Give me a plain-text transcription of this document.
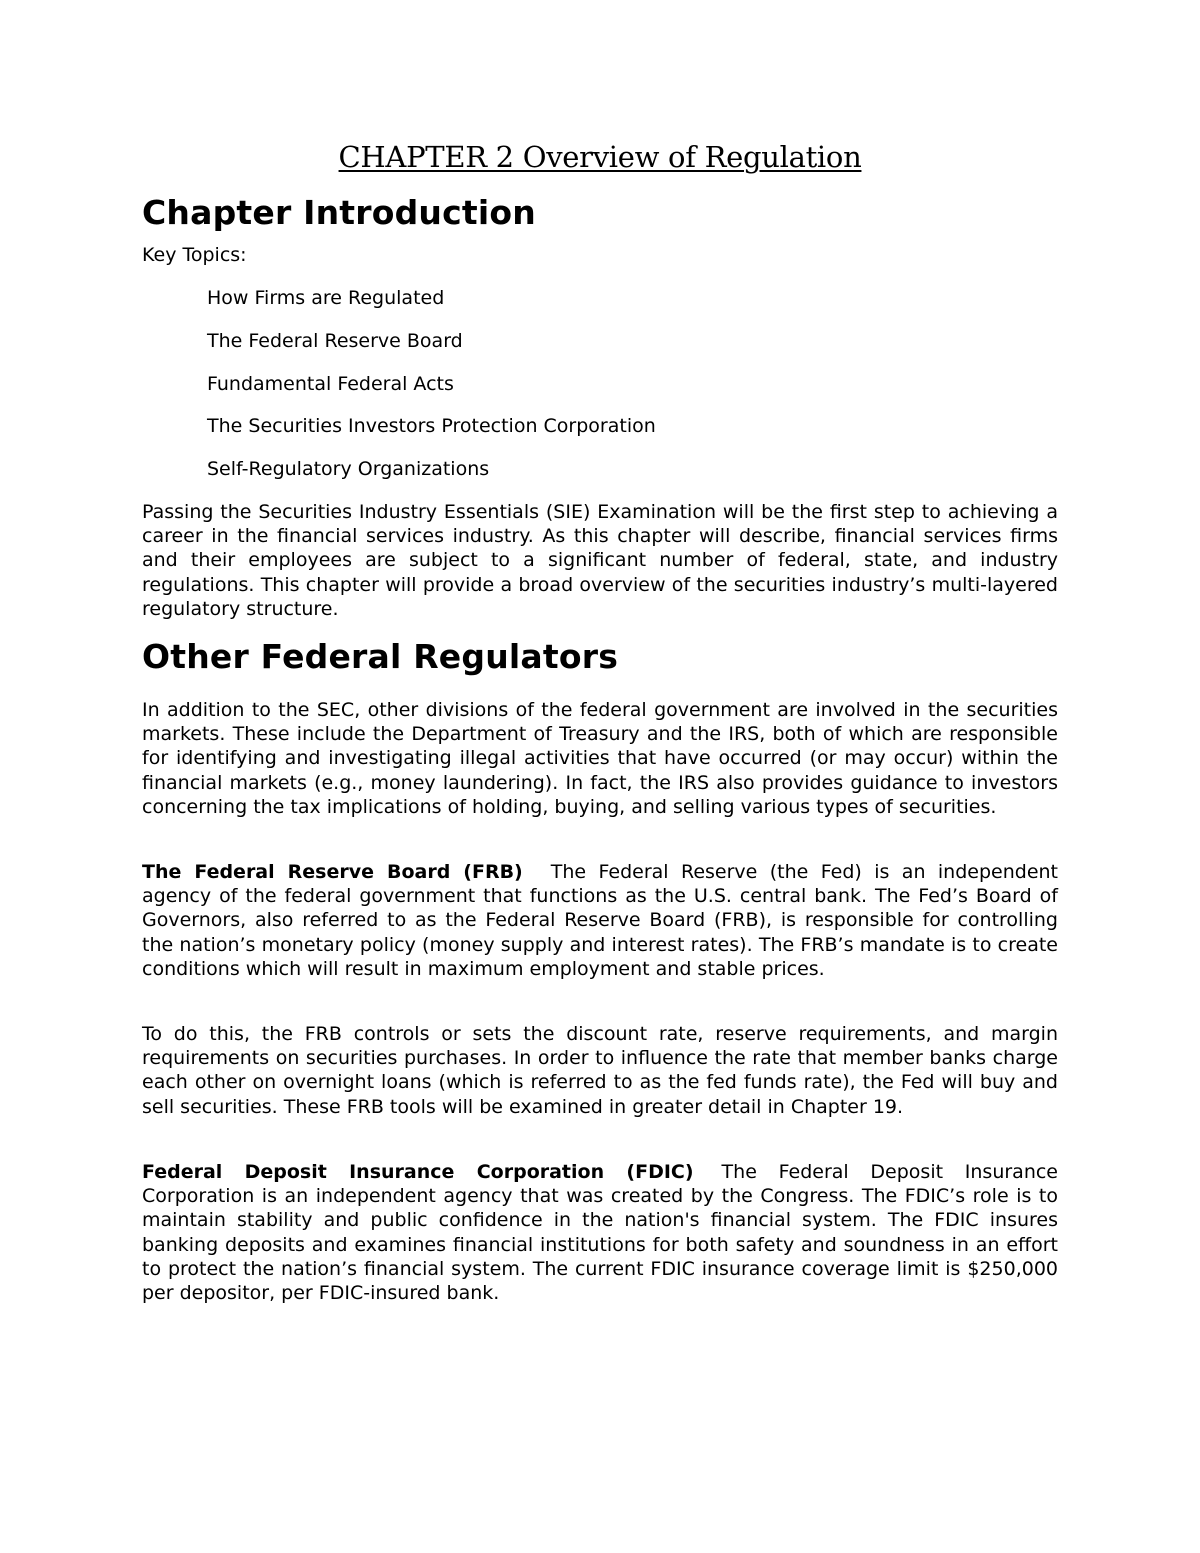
CHAPTER 2 Overview of Regulation
Chapter Introduction

Key Topics:

How Firms are Regulated
The Federal Reserve Board
Fundamental Federal Acts
The Securities Investors Protection Corporation
Self-Regulatory Organizations

Passing the Securities Industry Essentials (SIE) Examination will be the first step to achieving a career in the financial services industry. As this chapter will describe, financial services firms and their employees are subject to a significant number of federal, state, and industry regulations. This chapter will provide a broad overview of the securities industry’s multi-layered regulatory structure.

Other Federal Regulators

In addition to the SEC, other divisions of the federal government are involved in the securities markets. These include the Department of Treasury and the IRS, both of which are responsible for identifying and investigating illegal activities that have occurred (or may occur) within the financial markets (e.g., money laundering). In fact, the IRS also provides guidance to investors concerning the tax implications of holding, buying, and selling various types of securities.

The Federal Reserve Board (FRB) The Federal Reserve (the Fed) is an independent agency of the federal government that functions as the U.S. central bank. The Fed’s Board of Governors, also referred to as the Federal Reserve Board (FRB), is responsible for controlling the nation’s monetary policy (money supply and interest rates). The FRB’s mandate is to create conditions which will result in maximum employment and stable prices.

To do this, the FRB controls or sets the discount rate, reserve requirements, and margin requirements on securities purchases. In order to influence the rate that member banks charge each other on overnight loans (which is referred to as the fed funds rate), the Fed will buy and sell securities. These FRB tools will be examined in greater detail in Chapter 19.

Federal Deposit Insurance Corporation (FDIC) The Federal Deposit Insurance Corporation is an independent agency that was created by the Congress. The FDIC’s role is to maintain stability and public confidence in the nation's financial system. The FDIC insures banking deposits and examines financial institutions for both safety and soundness in an effort to protect the nation’s financial system. The current FDIC insurance coverage limit is $250,000 per depositor, per FDIC-insured bank.
